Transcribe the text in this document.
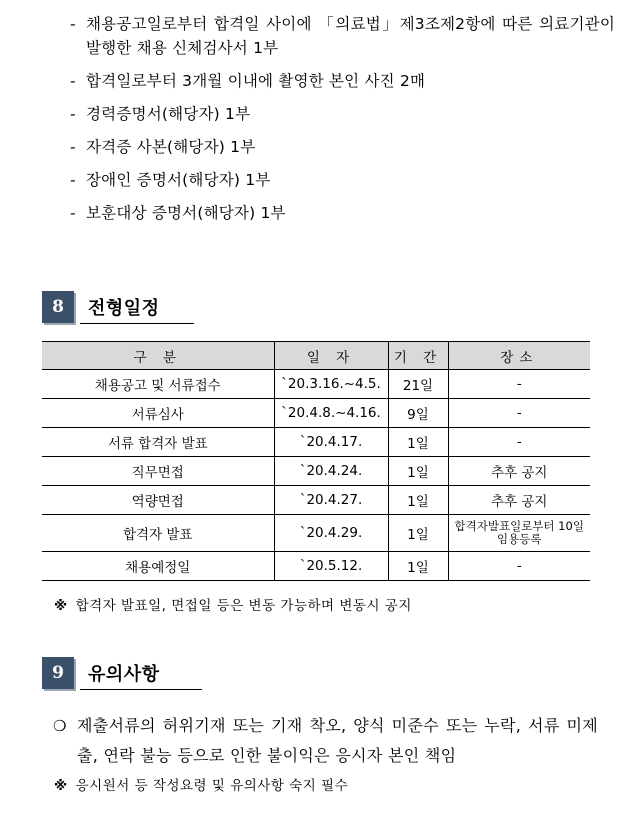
- 채용공고일로부터 합격일 사이에 「의료법」제3조제2항에 따른 의료기관이 발행한 채용 신체검사서 1부
- 합격일로부터 3개월 이내에 촬영한 본인 사진 2매
- 경력증명서(해당자) 1부
- 자격증 사본(해당자) 1부
- 장애인 증명서(해당자) 1부
- 보훈대상 증명서(해당자) 1부
8	전형일정
구 분	일 자	기 간	장소
채용공고 및 서류접수	`20.3.16.~4.5.	21일	-
서류심사	`20.4.8.~4.16.	9일	-
서류 합격자 발표	`20.4.17.	1일	-
직무면접	`20.4.24.	1일	추후 공지
역량면접	`20.4.27.	1일	추후 공지
합격자 발표	`20.4.29.	1일	합격자발표일로부터 10일 임용등록
채용예정일	`20.5.12.	1일	-
※ 합격자 발표일, 면접일 등은 변동 가능하며 변동시 공지
9	유의사항
❍ 제출서류의 허위기재 또는 기재 착오, 양식 미준수 또는 누락, 서류 미제출, 연락 불능 등으로 인한 불이익은 응시자 본인 책임
※ 응시원서 등 작성요령 및 유의사항 숙지 필수
